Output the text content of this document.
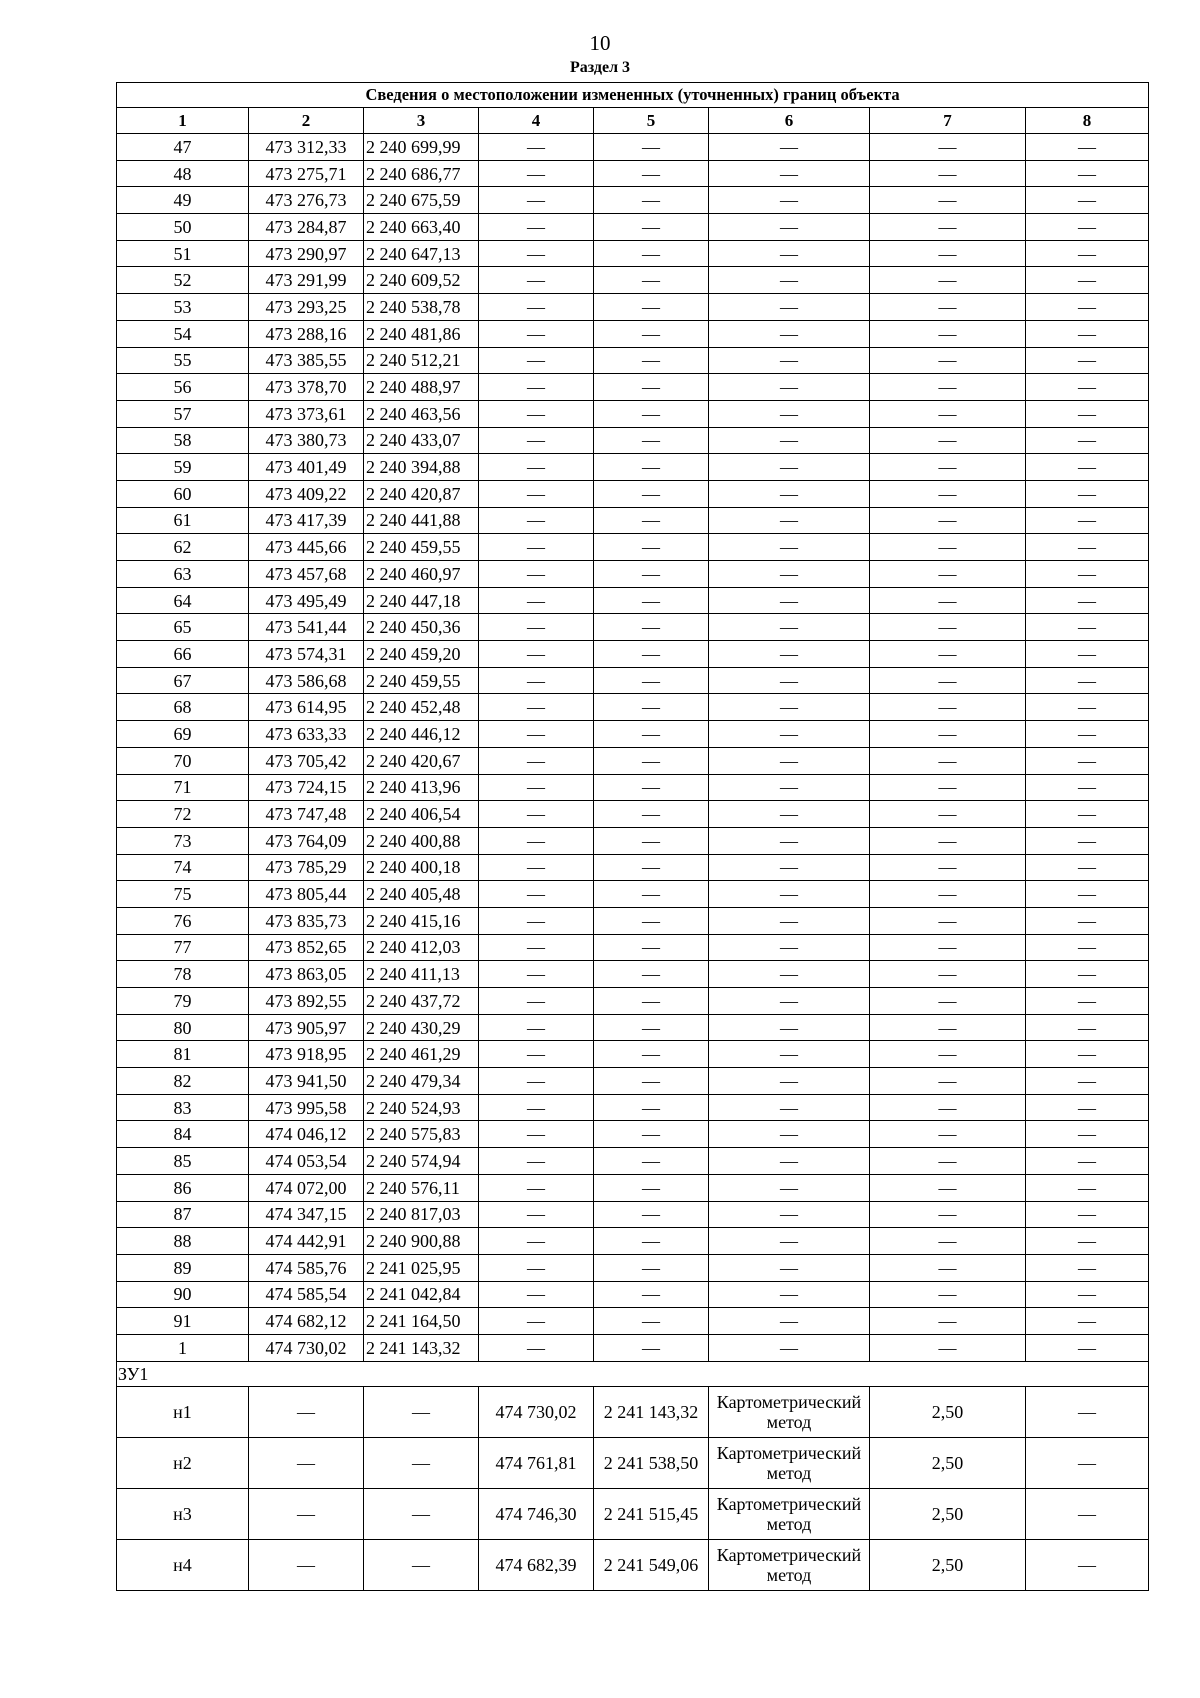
10
Раздел 3
Сведения о местоположении измененных (уточненных) границ объекта							
1	2	3	4	5	6	7	8
47	473 312,33	2 240 699,99	—	—	—	—	—
48	473 275,71	2 240 686,77	—	—	—	—	—
49	473 276,73	2 240 675,59	—	—	—	—	—
50	473 284,87	2 240 663,40	—	—	—	—	—
51	473 290,97	2 240 647,13	—	—	—	—	—
52	473 291,99	2 240 609,52	—	—	—	—	—
53	473 293,25	2 240 538,78	—	—	—	—	—
54	473 288,16	2 240 481,86	—	—	—	—	—
55	473 385,55	2 240 512,21	—	—	—	—	—
56	473 378,70	2 240 488,97	—	—	—	—	—
57	473 373,61	2 240 463,56	—	—	—	—	—
58	473 380,73	2 240 433,07	—	—	—	—	—
59	473 401,49	2 240 394,88	—	—	—	—	—
60	473 409,22	2 240 420,87	—	—	—	—	—
61	473 417,39	2 240 441,88	—	—	—	—	—
62	473 445,66	2 240 459,55	—	—	—	—	—
63	473 457,68	2 240 460,97	—	—	—	—	—
64	473 495,49	2 240 447,18	—	—	—	—	—
65	473 541,44	2 240 450,36	—	—	—	—	—
66	473 574,31	2 240 459,20	—	—	—	—	—
67	473 586,68	2 240 459,55	—	—	—	—	—
68	473 614,95	2 240 452,48	—	—	—	—	—
69	473 633,33	2 240 446,12	—	—	—	—	—
70	473 705,42	2 240 420,67	—	—	—	—	—
71	473 724,15	2 240 413,96	—	—	—	—	—
72	473 747,48	2 240 406,54	—	—	—	—	—
73	473 764,09	2 240 400,88	—	—	—	—	—
74	473 785,29	2 240 400,18	—	—	—	—	—
75	473 805,44	2 240 405,48	—	—	—	—	—
76	473 835,73	2 240 415,16	—	—	—	—	—
77	473 852,65	2 240 412,03	—	—	—	—	—
78	473 863,05	2 240 411,13	—	—	—	—	—
79	473 892,55	2 240 437,72	—	—	—	—	—
80	473 905,97	2 240 430,29	—	—	—	—	—
81	473 918,95	2 240 461,29	—	—	—	—	—
82	473 941,50	2 240 479,34	—	—	—	—	—
83	473 995,58	2 240 524,93	—	—	—	—	—
84	474 046,12	2 240 575,83	—	—	—	—	—
85	474 053,54	2 240 574,94	—	—	—	—	—
86	474 072,00	2 240 576,11	—	—	—	—	—
87	474 347,15	2 240 817,03	—	—	—	—	—
88	474 442,91	2 240 900,88	—	—	—	—	—
89	474 585,76	2 241 025,95	—	—	—	—	—
90	474 585,54	2 241 042,84	—	—	—	—	—
91	474 682,12	2 241 164,50	—	—	—	—	—
1	474 730,02	2 241 143,32	—	—	—	—	—
ЗУ1							
н1	—	—	474 730,02	2 241 143,32	Картометрический метод	2,50	—
н2	—	—	474 761,81	2 241 538,50	Картометрический метод	2,50	—
н3	—	—	474 746,30	2 241 515,45	Картометрический метод	2,50	—
н4	—	—	474 682,39	2 241 549,06	Картометрический метод	2,50	—
